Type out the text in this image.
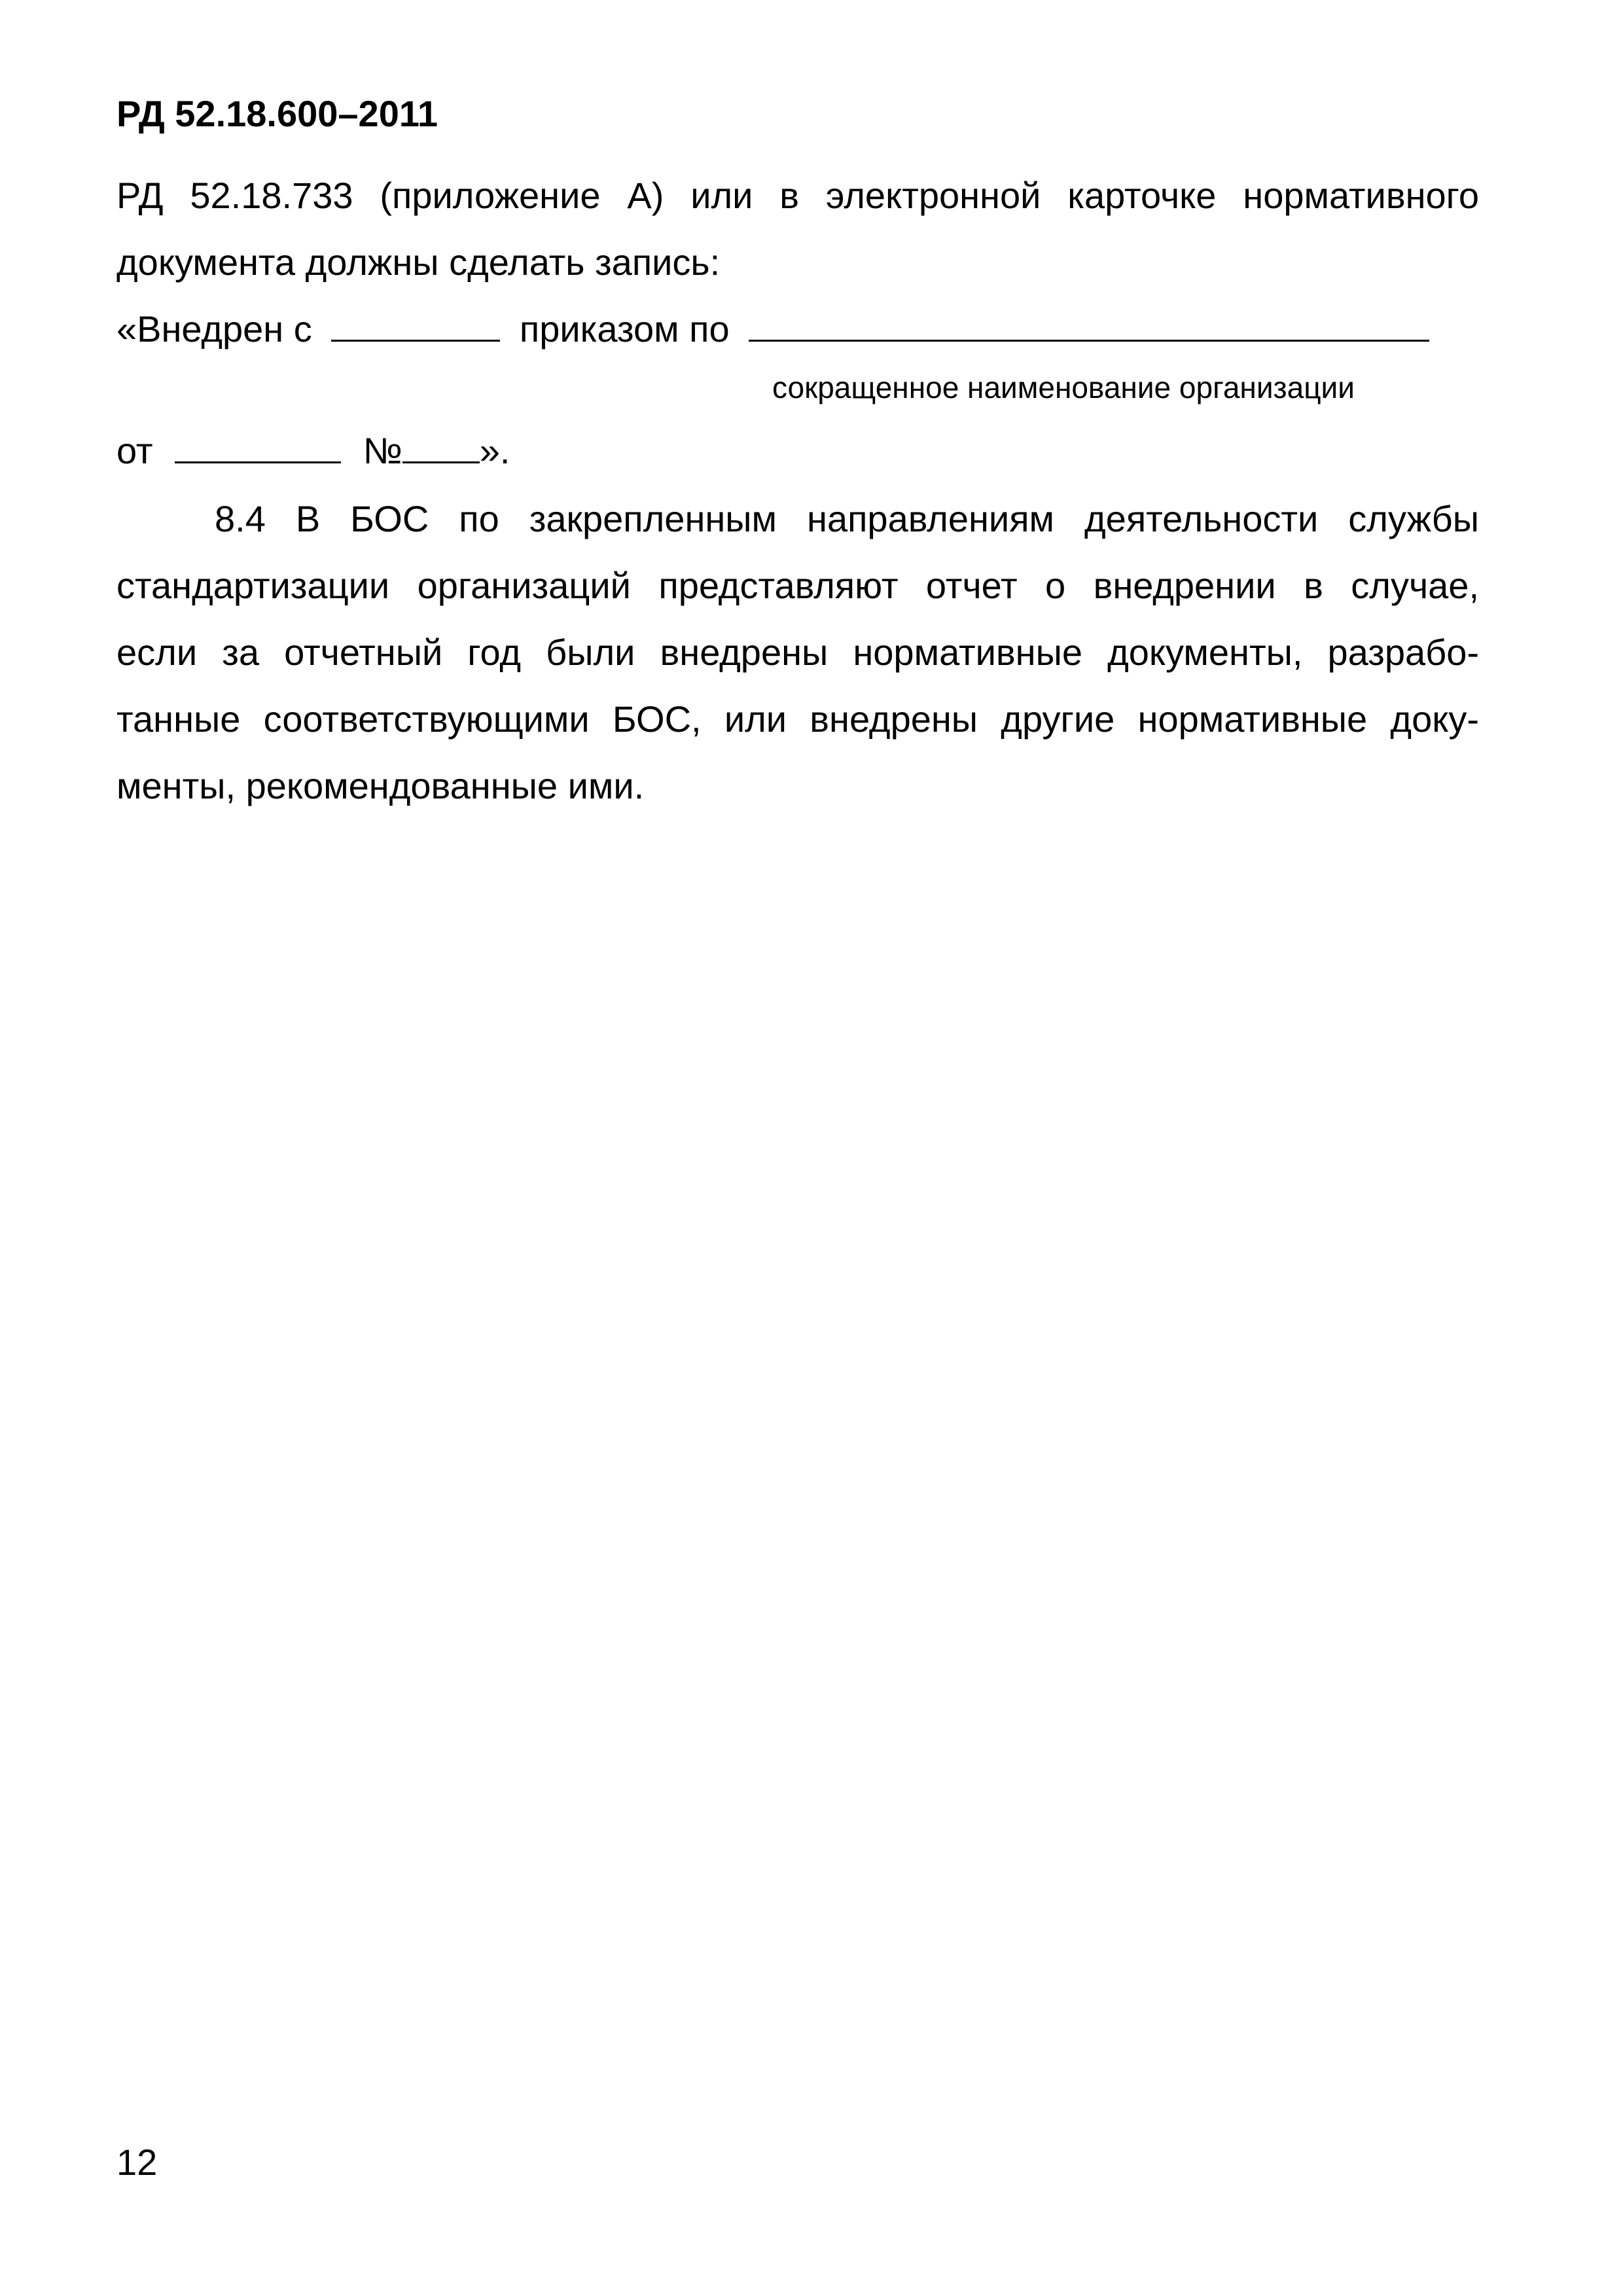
РД 52.18.600–2011
РД 52.18.733 (приложение А) или в электронной карточке нормативного
документа должны сделать запись:
«Внедрен с	приказом по
сокращенное наименование организации
от	№ ».
8.4 В БОС по закрепленным направлениям деятельности службы
стандартизации организаций представляют отчет о внедрении в случае,
если за отчетный год были внедрены нормативные документы, разрабо-
танные соответствующими БОС, или внедрены другие нормативные доку-
менты, рекомендованные ими.
12
